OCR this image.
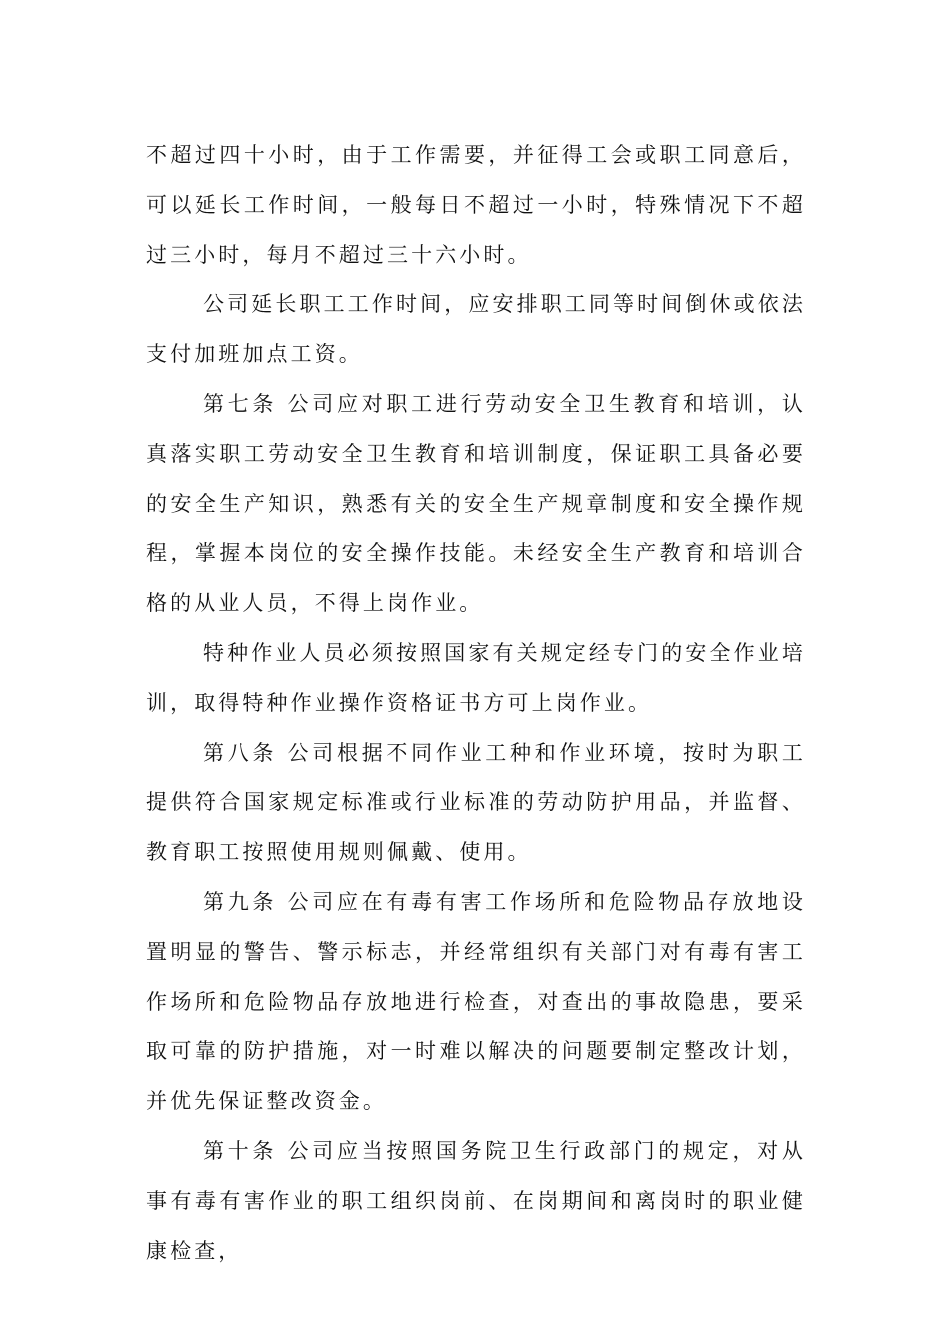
不超过四十小时，由于工作需要，并征得工会或职工同意后，可以延长工作时间，一般每日不超过一小时，特殊情况下不超过三小时，每月不超过三十六小时。

公司延长职工工作时间，应安排职工同等时间倒休或依法支付加班加点工资。

第七条 公司应对职工进行劳动安全卫生教育和培训，认真落实职工劳动安全卫生教育和培训制度，保证职工具备必要的安全生产知识，熟悉有关的安全生产规章制度和安全操作规程，掌握本岗位的安全操作技能。未经安全生产教育和培训合格的从业人员，不得上岗作业。

特种作业人员必须按照国家有关规定经专门的安全作业培训，取得特种作业操作资格证书方可上岗作业。

第八条 公司根据不同作业工种和作业环境，按时为职工提供符合国家规定标准或行业标准的劳动防护用品，并监督、教育职工按照使用规则佩戴、使用。

第九条 公司应在有毒有害工作场所和危险物品存放地设置明显的警告、警示标志，并经常组织有关部门对有毒有害工作场所和危险物品存放地进行检查，对查出的事故隐患，要采取可靠的防护措施，对一时难以解决的问题要制定整改计划，并优先保证整改资金。

第十条 公司应当按照国务院卫生行政部门的规定，对从事有毒有害作业的职工组织岗前、在岗期间和离岗时的职业健康检查，
